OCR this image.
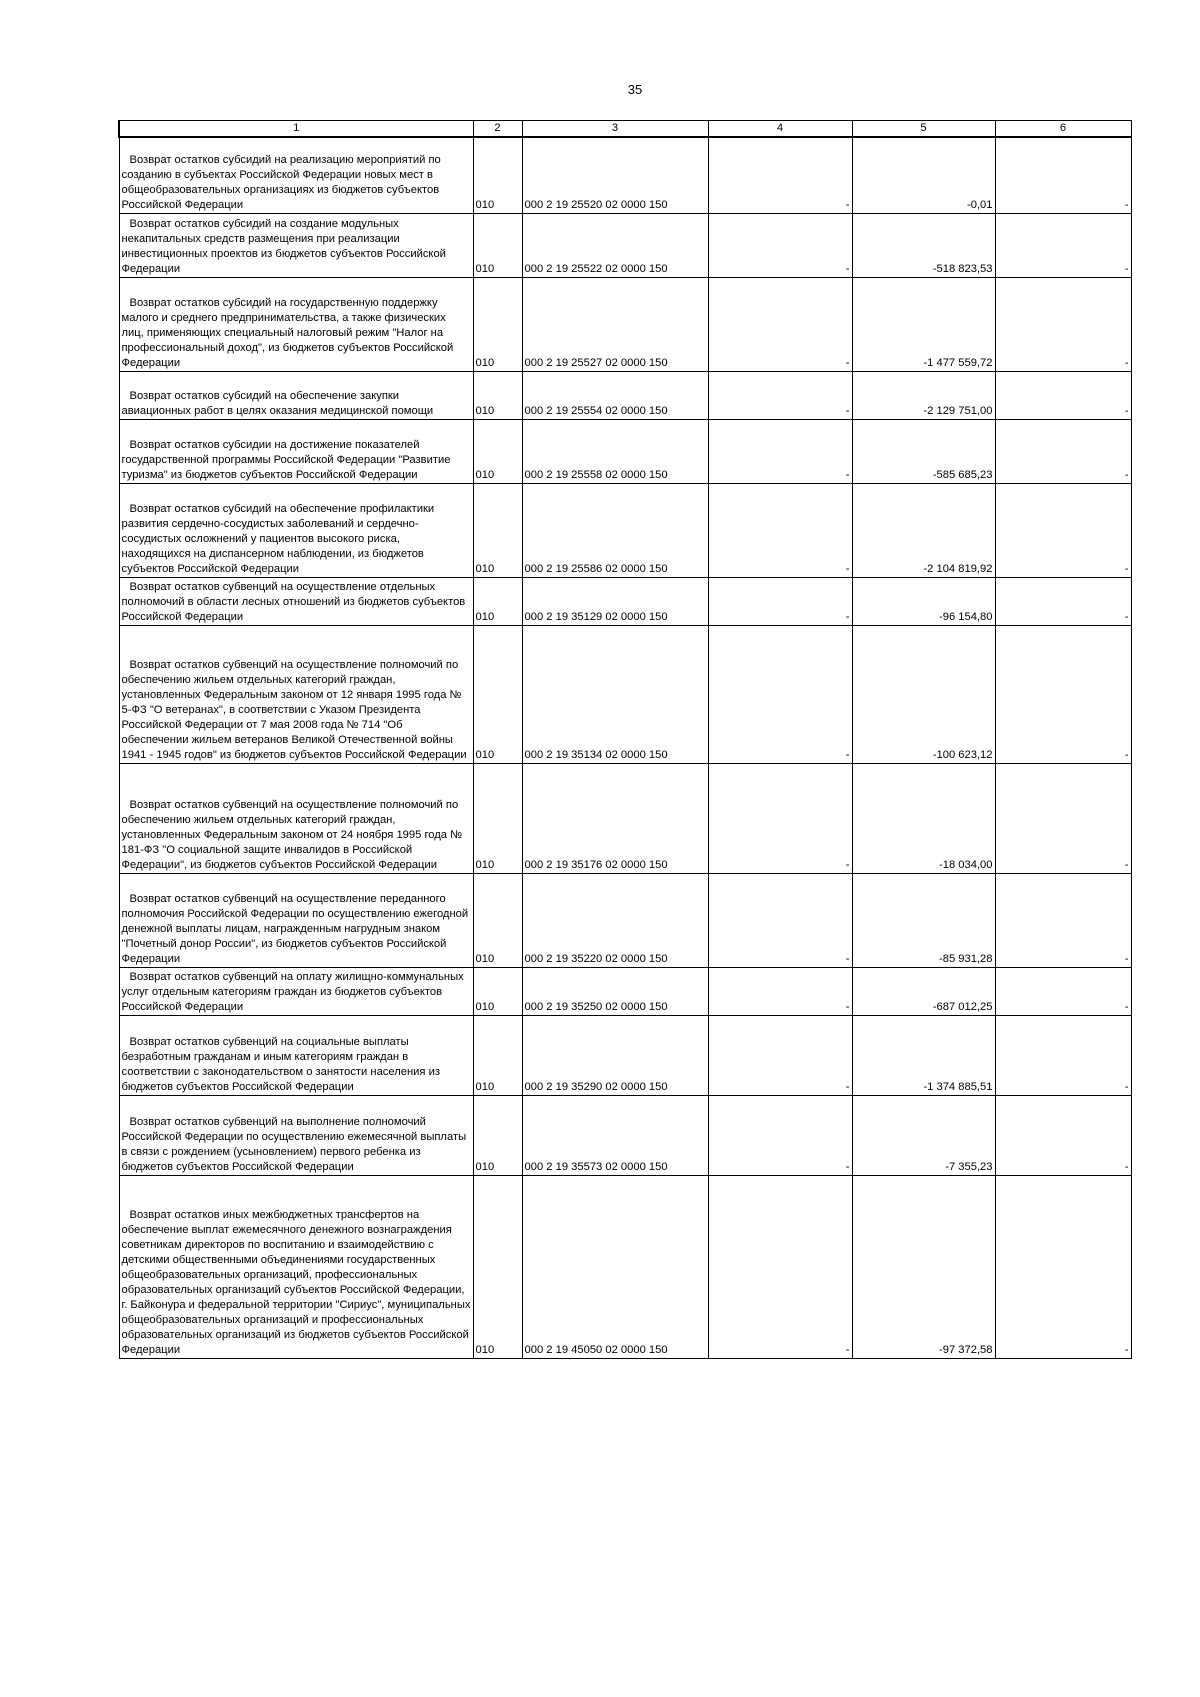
35
1	2	3	4	5	6

Возврат остатков субсидий на реализацию мероприятий по созданию в субъектах Российской Федерации новых мест в общеобразовательных организациях из бюджетов субъектов Российской Федерации	010	000 2 19 25520 02 0000 150	-	-0,01	-

Возврат остатков субсидий на создание модульных некапитальных средств размещения при реализации инвестиционных проектов из бюджетов субъектов Российской Федерации	010	000 2 19 25522 02 0000 150	-	-518 823,53	-

Возврат остатков субсидий на государственную поддержку малого и среднего предпринимательства, а также физических лиц, применяющих специальный налоговый режим "Налог на профессиональный доход", из бюджетов субъектов Российской Федерации	010	000 2 19 25527 02 0000 150	-	-1 477 559,72	-

Возврат остатков субсидий на обеспечение закупки авиационных работ в целях оказания медицинской помощи	010	000 2 19 25554 02 0000 150	-	-2 129 751,00	-

Возврат остатков субсидии на достижение показателей государственной программы Российской Федерации "Развитие туризма" из бюджетов субъектов Российской Федерации	010	000 2 19 25558 02 0000 150	-	-585 685,23	-

Возврат остатков субсидий на обеспечение профилактики развития сердечно-сосудистых заболеваний и сердечно-сосудистых осложнений у пациентов высокого риска, находящихся на диспансерном наблюдении, из бюджетов субъектов Российской Федерации	010	000 2 19 25586 02 0000 150	-	-2 104 819,92	-

Возврат остатков субвенций на осуществление отдельных полномочий в области лесных отношений из бюджетов субъектов Российской Федерации	010	000 2 19 35129 02 0000 150	-	-96 154,80	-

Возврат остатков субвенций на осуществление полномочий по обеспечению жильем отдельных категорий граждан, установленных Федеральным законом от 12 января 1995 года № 5-ФЗ "О ветеранах", в соответствии с Указом Президента Российской Федерации от 7 мая 2008 года № 714 "Об обеспечении жильем ветеранов Великой Отечественной войны 1941 - 1945 годов" из бюджетов субъектов Российской Федерации	010	000 2 19 35134 02 0000 150	-	-100 623,12	-

Возврат остатков субвенций на осуществление полномочий по обеспечению жильем отдельных категорий граждан, установленных Федеральным законом от 24 ноября 1995 года № 181-ФЗ "О социальной защите инвалидов в Российской Федерации", из бюджетов субъектов Российской Федерации	010	000 2 19 35176 02 0000 150	-	-18 034,00	-

Возврат остатков субвенций на осуществление переданного полномочия Российской Федерации по осуществлению ежегодной денежной выплаты лицам, награжденным нагрудным знаком "Почетный донор России", из бюджетов субъектов Российской Федерации	010	000 2 19 35220 02 0000 150	-	-85 931,28	-

Возврат остатков субвенций на оплату жилищно-коммунальных услуг отдельным категориям граждан из бюджетов субъектов Российской Федерации	010	000 2 19 35250 02 0000 150	-	-687 012,25	-

Возврат остатков субвенций на социальные выплаты безработным гражданам и иным категориям граждан в соответствии с законодательством о занятости населения из бюджетов субъектов Российской Федерации	010	000 2 19 35290 02 0000 150	-	-1 374 885,51	-

Возврат остатков субвенций на выполнение полномочий Российской Федерации по осуществлению ежемесячной выплаты в связи с рождением (усыновлением) первого ребенка из бюджетов субъектов Российской Федерации	010	000 2 19 35573 02 0000 150	-	-7 355,23	-

Возврат остатков иных межбюджетных трансфертов на обеспечение выплат ежемесячного денежного вознаграждения советникам директоров по воспитанию и взаимодействию с детскими общественными объединениями государственных общеобразовательных организаций, профессиональных образовательных организаций субъектов Российской Федерации, г. Байконура и федеральной территории "Сириус", муниципальных общеобразовательных организаций и профессиональных образовательных организаций из бюджетов субъектов Российской Федерации	010	000 2 19 45050 02 0000 150	-	-97 372,58	-
